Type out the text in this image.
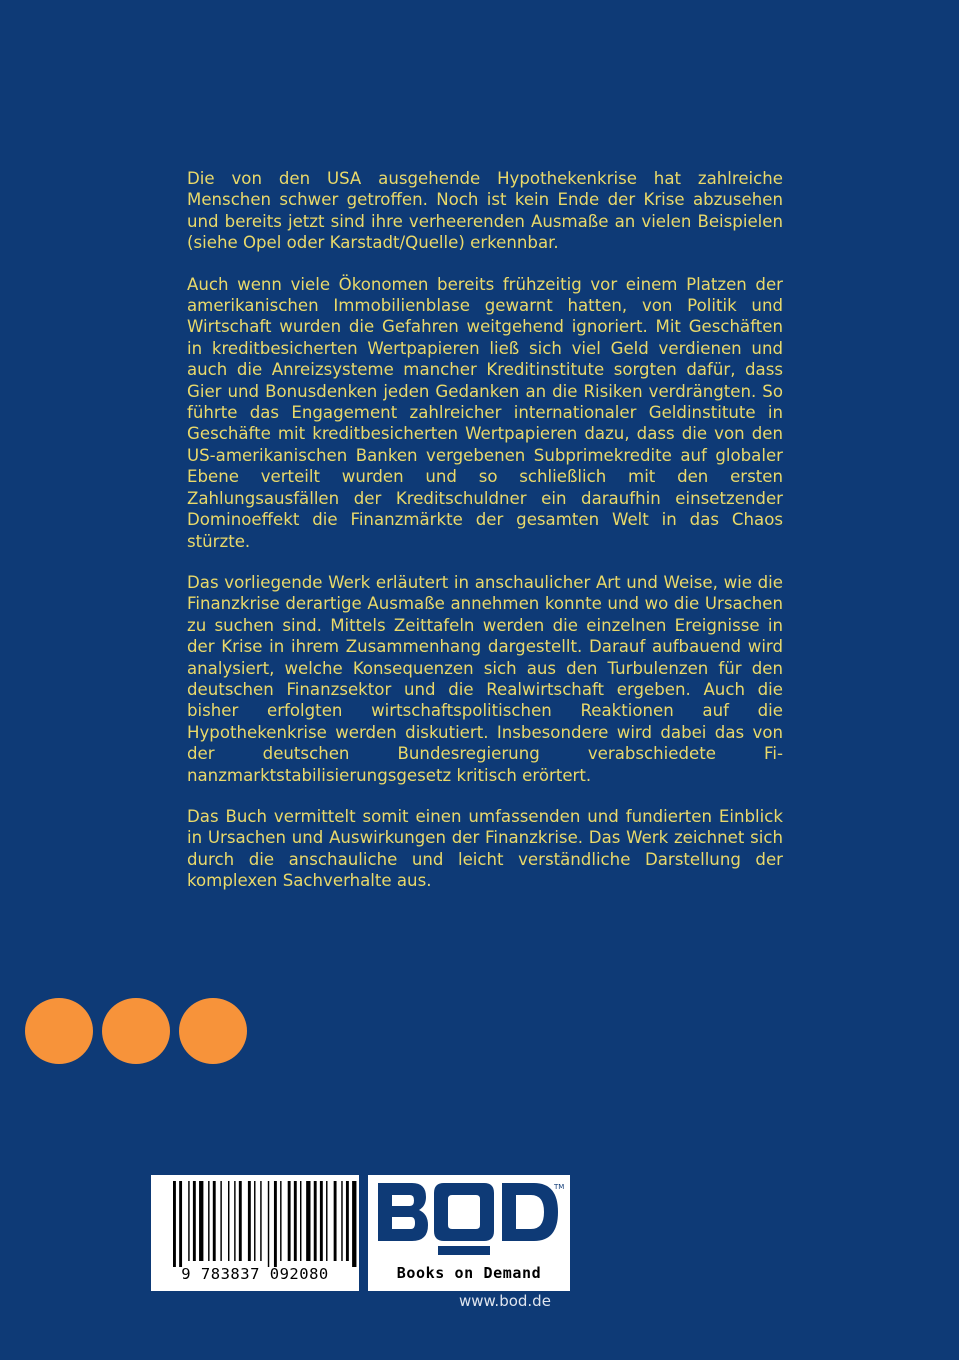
Die von den USA ausgehende Hypothekenkrise hat zahlreiche Menschen schwer getroffen. Noch ist kein Ende der Krise abzusehen und bereits jetzt sind ihre verheerenden Ausmaße an vielen Beispielen (siehe Opel oder Karstadt/Quelle) erkennbar.

Auch wenn viele Ökonomen bereits frühzeitig vor einem Platzen der amerikanischen Immobilienblase gewarnt hatten, von Politik und Wirtschaft wurden die Gefahren weitgehend ignoriert. Mit Geschäften in kreditbesicherten Wertpapieren ließ sich viel Geld verdienen und auch die Anreizsysteme mancher Kreditinstitute sorgten dafür, dass Gier und Bonusdenken jeden Gedanken an die Risiken verdrängten. So führte das Engagement zahlreicher internationaler Geldinstitute in Geschäfte mit kreditbesicherten Wertpapieren dazu, dass die von den US-amerikanischen Banken vergebenen Subprimekredite auf globaler Ebene verteilt wurden und so schließlich mit den ersten Zahlungsausfällen der Kreditschuldner ein daraufhin einsetzender Dominoeffekt die Finanzmärkte der gesamten Welt in das Chaos stürzte.

Das vorliegende Werk erläutert in anschaulicher Art und Weise, wie die Finanzkrise derartige Ausmaße annehmen konnte und wo die Ursachen zu suchen sind. Mittels Zeittafeln werden die einzelnen Ereignisse in der Krise in ihrem Zusammenhang dargestellt. Darauf aufbauend wird analysiert, welche Konsequenzen sich aus den Turbulenzen für den deutschen Finanzsektor und die Realwirtschaft ergeben. Auch die bisher erfolgten wirtschaftspolitischen Reaktionen auf die Hypothekenkrise werden diskutiert. Insbesondere wird dabei das von der deutschen Bundesregierung verabschiedete Finanzmarktstabilisierungsgesetz kritisch erörtert.

Das Buch vermittelt somit einen umfassenden und fundierten Einblick in Ursachen und Auswirkungen der Finanzkrise. Das Werk zeichnet sich durch die anschauliche und leicht verständliche Darstellung der komplexen Sachverhalte aus.

9 783837 092080
TM
Books on Demand
www.bod.de
